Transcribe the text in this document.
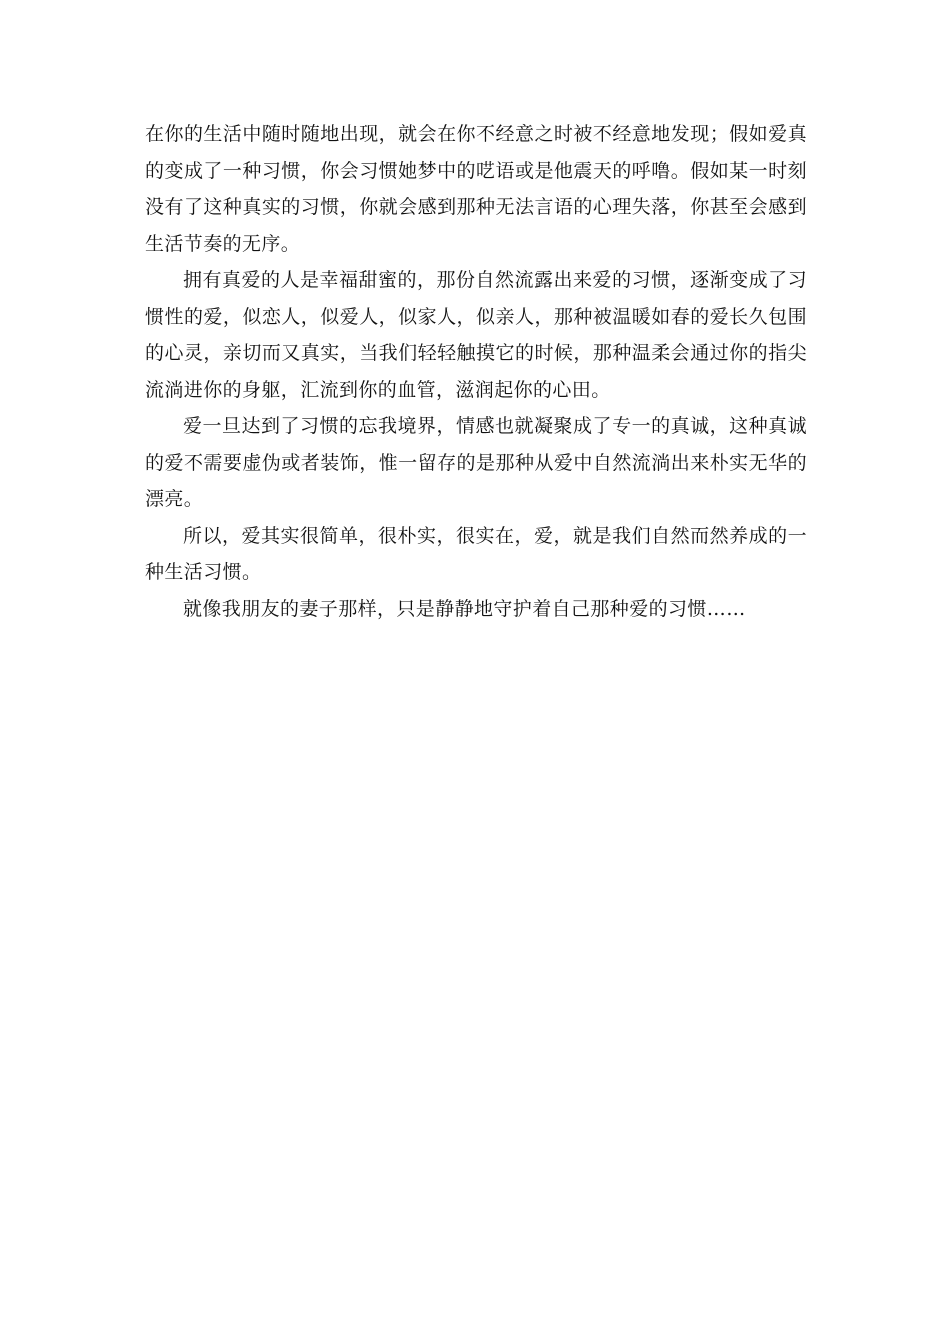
在你的生活中随时随地出现，就会在你不经意之时被不经意地发现；假如爱真的变成了一种习惯，你会习惯她梦中的呓语或是他震天的呼噜。假如某一时刻没有了这种真实的习惯，你就会感到那种无法言语的心理失落，你甚至会感到生活节奏的无序。

拥有真爱的人是幸福甜蜜的，那份自然流露出来爱的习惯，逐渐变成了习惯性的爱，似恋人，似爱人，似家人，似亲人，那种被温暖如春的爱长久包围的心灵，亲切而又真实，当我们轻轻触摸它的时候，那种温柔会通过你的指尖流淌进你的身躯，汇流到你的血管，滋润起你的心田。

爱一旦达到了习惯的忘我境界，情感也就凝聚成了专一的真诚，这种真诚的爱不需要虚伪或者装饰，惟一留存的是那种从爱中自然流淌出来朴实无华的漂亮。

所以，爱其实很简单，很朴实，很实在，爱，就是我们自然而然养成的一种生活习惯。

就像我朋友的妻子那样，只是静静地守护着自己那种爱的习惯……
